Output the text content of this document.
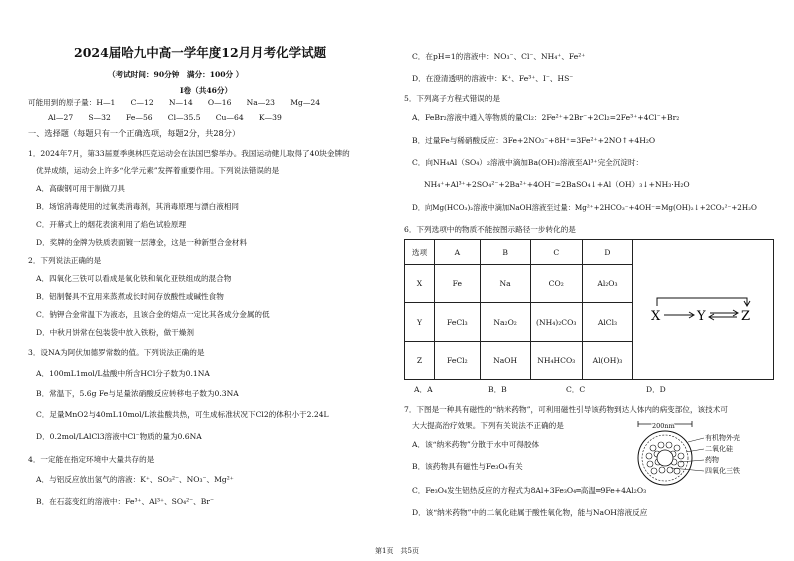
2024届哈九中高一学年度12月月考化学试题
（考试时间：90分钟　满分：100分 ）
Ⅰ卷（共46分）
可能用到的原子量：H—1　　C—12　　N—14　　O—16　　Na—23　　Mg—24
Al—27　　S—32　　Fe—56　　Cl—35.5　　Cu—64　　K—39
一、选择题（每题只有一个正确选项，每题2分，共28分）
1．2024年7月，第33届夏季奥林匹克运动会在法国巴黎举办。我国运动健儿取得了40块金牌的
优异成绩，运动会上许多“化学元素”发挥着重要作用。下列说法错误的是
A．高碳钢可用于制做刀具
B．场馆消毒使用的过氧类消毒剂，其消毒原理与漂白液相同
C．开幕式上的烟花表演利用了焰色试验原理
D．奖牌的金牌为铁质表面镀一层薄金，这是一种新型合金材料
2．下列说法正确的是
A．四氧化三铁可以看成是氧化铁和氧化亚铁组成的混合物
B．铝制餐具不宜用来蒸煮或长时间存放酸性或碱性食物
C．钠钾合金常温下为液态，且该合金的熔点一定比其各成分金属的低
D．中秋月饼常在包装袋中放入铁粉，做干燥剂
3．设NA为阿伏加德罗常数的值。下列说法正确的是
A．100mL1mol/L盐酸中所含HCl分子数为0.1NA
B．常温下，5.6g Fe与足量浓硝酸反应转移电子数为0.3NA
C．足量MnO2与40mL10mol/L浓盐酸共热，可生成标准状况下Cl2的体积小于2.24L
D．0.2mol/LAlCl3溶液中Cl⁻物质的量为0.6NA
4．一定能在指定环境中大量共存的是
A．与铝反应放出氢气的溶液：K⁺、SO₃²⁻、NO₃⁻、Mg²⁺
B．在石蕊变红的溶液中：Fe³⁺、Al³⁺、SO₄²⁻、Br⁻
C．在pH=1的溶液中：NO₃⁻、Cl⁻、NH₄⁺、Fe²⁺
D．在澄清透明的溶液中：K⁺、Fe³⁺、I⁻、HS⁻
5．下列离子方程式错误的是
A．FeBr₂溶液中通入等物质的量Cl₂：2Fe²⁺+2Br⁻+2Cl₂=2Fe³⁺+4Cl⁻+Br₂
B．过量Fe与稀硝酸反应：3Fe+2NO₃⁻+8H⁺=3Fe²⁺+2NO↑+4H₂O
C．向NH₄Al（SO₄）₂溶液中滴加Ba(OH)₂溶液至Al³⁺完全沉淀时：
NH₄⁺+Al³⁺+2SO₄²⁻+2Ba²⁺+4OH⁻=2BaSO₄↓+Al（OH）₃↓+NH₃·H₂O
D．向Mg(HCO₃)₂溶液中滴加NaOH溶液至过量：Mg²⁺+2HCO₃⁻+4OH⁻=Mg(OH)₂↓+2CO₃²⁻+2H₂O
6．下列选项中的物质不能按图示路径一步转化的是
选项	A	B	C	D	X Y Z

X	Fe	Na	CO₂	Al₂O₃	
Y	FeCl₃	Na₂O₂	(NH₄)₂CO₃	AlCl₃	
Z	FeCl₂	NaOH	NH₄HCO₃	Al(OH)₃	
A．A	B．B	C．C	D．D
7．下图是一种具有磁性的“纳米药物”，可利用磁性引导该药物到达人体内的病变部位，该技术可
大大提高治疗效果。下列有关说法不正确的是
A．该“纳米药物”分散于水中可得胶体
B．该药物具有磁性与Fe₃O₄有关
C．Fe₃O₄发生铝热反应的方程式为8Al+3Fe₃O₄═高温═9Fe+4Al₂O₃
D．该“纳米药物”中的二氧化硅属于酸性氧化物，能与NaOH溶液反应
200nm
有机物外壳
二氧化硅
药物
四氧化三铁
第1页　共5页
